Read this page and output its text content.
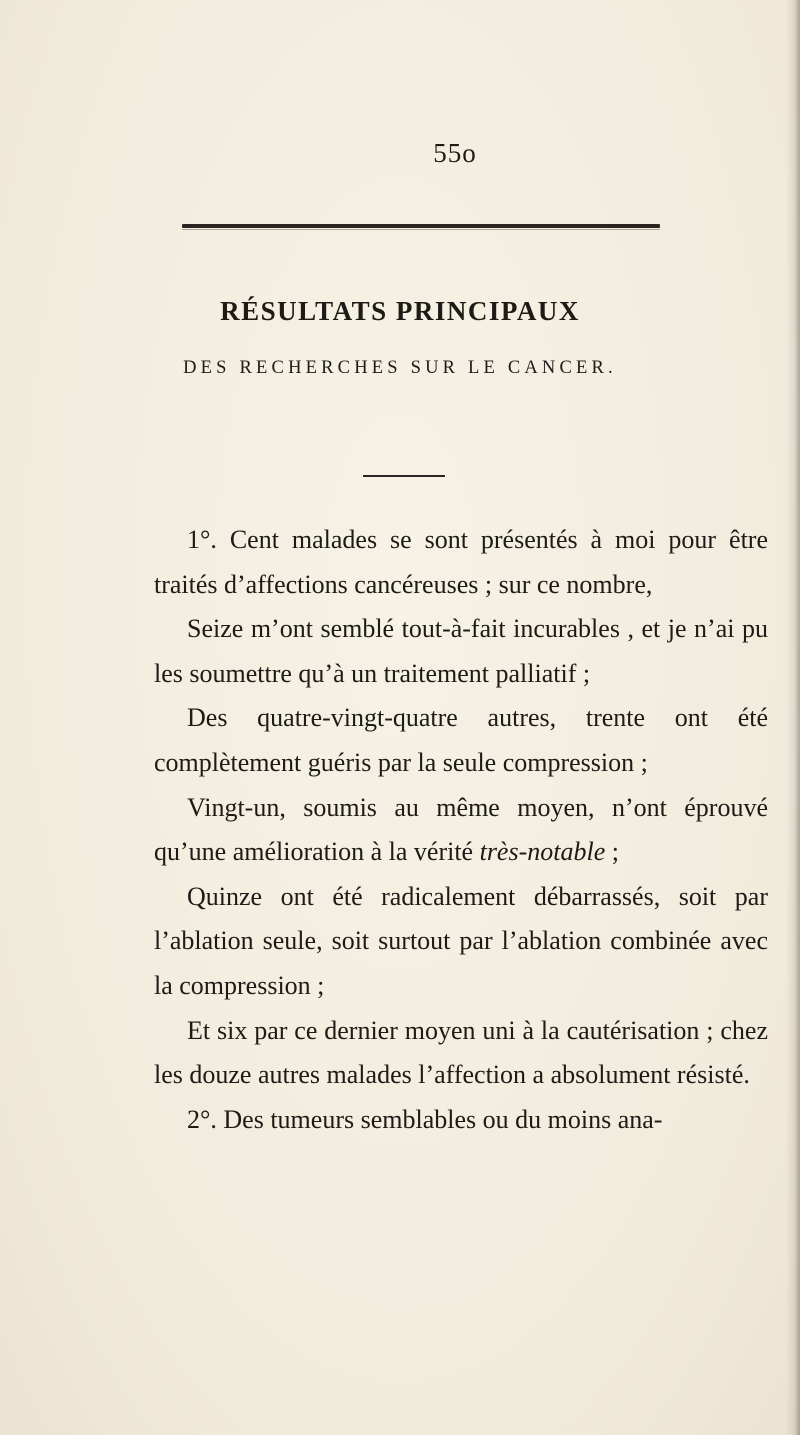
55o
RÉSULTATS PRINCIPAUX
DES RECHERCHES SUR LE CANCER.

1°. Cent malades se sont présentés à moi pour être traités d’affections cancéreuses ; sur ce nombre,

Seize m’ont semblé tout-à-fait incurables , et je n’ai pu les soumettre qu’à un traitement palliatif ;

Des quatre-vingt-quatre autres, trente ont été complètement guéris par la seule compression ;

Vingt-un, soumis au même moyen, n’ont éprouvé qu’une amélioration à la vérité très-notable ;

Quinze ont été radicalement débarrassés, soit par l’ablation seule, soit surtout par l’ablation combinée avec la compression ;

Et six par ce dernier moyen uni à la cautérisation ; chez les douze autres malades l’affection a absolument résisté.

2°. Des tumeurs semblables ou du moins ana-
